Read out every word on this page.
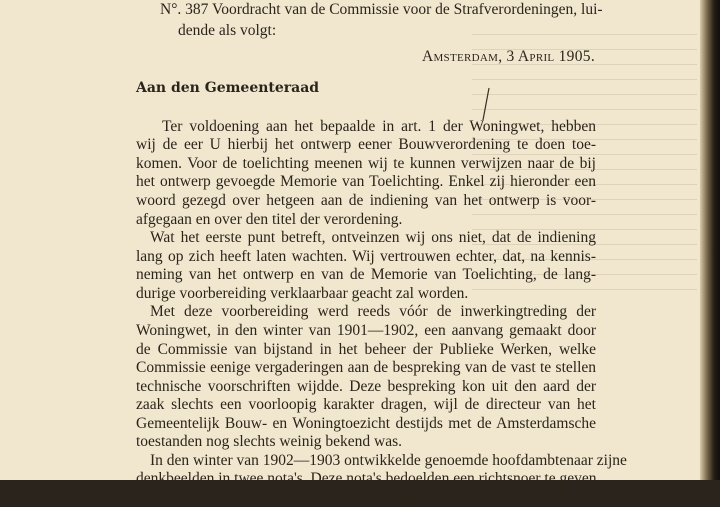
N°. 387 Voordracht van de Commissie voor de Strafverordeningen, lui-
dende als volgt:
Amsterdam, 3 April 1905.
Aan den Gemeenteraad
Ter voldoening aan het bepaalde in art. 1 der Woningwet, hebben
wij de eer U hierbij het ontwerp eener Bouwverordening te doen toe-
komen. Voor de toelichting meenen wij te kunnen verwijzen naar de bij
het ontwerp gevoegde Memorie van Toelichting. Enkel zij hieronder een
woord gezegd over hetgeen aan de indiening van het ontwerp is voor-
afgegaan en over den titel der verordening.
Wat het eerste punt betreft, ontveinzen wij ons niet, dat de indiening
lang op zich heeft laten wachten. Wij vertrouwen echter, dat, na kennis-
neming van het ontwerp en van de Memorie van Toelichting, de lang-
durige voorbereiding verklaarbaar geacht zal worden.
Met deze voorbereiding werd reeds vóór de inwerkingtreding der
Woningwet, in den winter van 1901—1902, een aanvang gemaakt door
de Commissie van bijstand in het beheer der Publieke Werken, welke
Commissie eenige vergaderingen aan de bespreking van de vast te stellen
technische voorschriften wijdde. Deze bespreking kon uit den aard der
zaak slechts een voorloopig karakter dragen, wijl de directeur van het
Gemeentelijk Bouw- en Woningtoezicht destijds met de Amsterdamsche
toestanden nog slechts weinig bekend was.
In den winter van 1902—1903 ontwikkelde genoemde hoofdambtenaar zijne
denkbeelden in twee nota's. Deze nota's bedoelden een richtsnoer te geven,
dat bij het ontwerpen der verordening gevolgd zou kunnen worden. D
